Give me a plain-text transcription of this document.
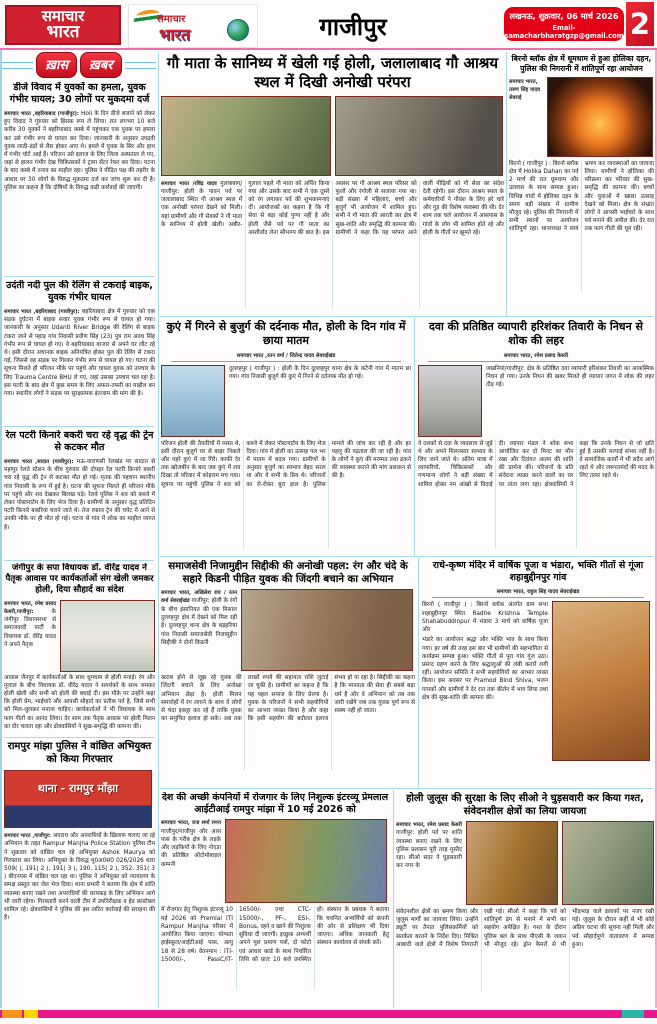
समाचार
भारत
समाचार
भारत	गाजीपुर	लखनऊ, शुक्रवार, 06 मार्च 2026
Email-samacharbharatgzp@gmail.com 2
ख़ास	ख़बर
डीजे विवाद में युवकों का हमला, युवक गंभीर घायल; 30 लोगों पर मुकदमा दर्ज

समाचार भारत ,बहरियाबाद (गाजीपुर): Holi के दिन डीजे बजाने को लेकर हुए विवाद ने गुरुवार को हिंसक रूप ले लिया। रात लगभग 10 बजे करीब 30 युवकों ने बहरियाबाद कस्बे में पहुंचकर एक युवक पर हमला कर उसे गंभीर रूप से घायल कर दिया। जानकारी के अनुसार उपद्रवी युवक लाठी-डंडों से लैस होकर आए थे। हमले में युवक के सिर और हाथ में गंभीर चोटें आई हैं। परिजन उसे इलाज के लिए जिला अस्पताल ले गए, जहां से हालत गंभीर देख चिकित्सकों ने ट्रामा सेंटर रेफर कर दिया। घटना के बाद कस्बे में तनाव का माहौल रहा। पुलिस ने पीड़ित पक्ष की तहरीर के आधार पर 30 लोगों के विरुद्ध मुकदमा दर्ज कर जांच शुरू कर दी है। पुलिस का कहना है कि दोषियों के विरुद्ध कड़ी कार्रवाई की जाएगी।

उदंती नदी पुल की रेलिंग से टकराई बाइक, युवक गंभीर घायल

समाचार भारत ,बहरियाबाद (गाजीपुर): बहरियाबाद क्षेत्र में गुरुवार को एक सड़क दुर्घटना में बाइक सवार युवक गंभीर रूप से घायल हो गया। जानकारी के अनुसार Udanti River Bridge की रेलिंग से बाइक टकरा जाने से पहाड़ गांव निवासी प्रवीण सिंह (23) पुत्र राम अवध सिंह गंभीर रूप से घायल हो गए। वे बहरियाबाद बाजार से अपने घर लौट रहे थे। इसी दौरान अचानक बाइक अनियंत्रित होकर पुल की रेलिंग से टकरा गई, जिससे वह सड़क पर गिरकर गंभीर रूप से घायल हो गए। घटना की सूचना मिलते ही परिजन मौके पर पहुंचे और घायल युवक को उपचार के लिए Trauma Centre BHU ले गए, जहां उसका उपचार चल रहा है। इस पटरी के बाद क्षेत्र में कुछ समय के लिए अफरा-तफरी का माहौल बन गया। स्थानीय लोगों ने सड़क पर सुरक्षात्मक इंतजाम की मांग की है।

रेल पटरी किनारे बकरी चरा रहे वृद्ध की ट्रेन से कटकर मौत

समाचार भारत ,सादात (गाजीपुर): मऊ-वाराणसी रेलखंड पर सादात से महापुर रेलवे स्टेशन के बीच गुरुवार की दोपहर रेल पटरी किनारे बकरी चरा रहे वृद्ध की ट्रेन से कटकर मौत हो गई। मृतक की पहचान स्थानीय गांव निवासी के रूप में हुई है। घटना की सूचना मिलते ही परिजन मौके पर पहुंचे और शव देखकर बिलख पड़े। रेलवे पुलिस ने शव को कब्जे में लेकर पोस्टमार्टम के लिए भेज दिया है। ग्रामीणों के अनुसार वृद्ध प्रतिदिन पटरी किनारे बकरियां चराने जाते थे। तेज रफ्तार ट्रेन की चपेट में आने से उनकी मौके पर ही मौत हो गई। घटना से गांव में शोक का माहौल व्याप्त है।

जंगीपुर के सपा विधायक डॉ. वीरेंद्र यादव ने पैतृक आवास पर कार्यकर्ताओं संग खेली जमकर होली, दिया सौहार्द का संदेश

समाचार भारत, रमेश प्रसाद केसरी,गाजीपुर:	के जंगीपुर विधानसभा से समाजवादी पार्टी के विधायक डॉ. वीरेंद्र यादव ने अपने पैतृक

आवास जैनपुर में कार्यकर्ताओं के साथ धूमधाम से होली मनाई। रंग और गुलाल के बीच विधायक डॉ. वीरेंद्र यादव ने समर्थकों के साथ जमकर होली खेली और सभी को होली की बधाई दी। इस मौके पर उन्होंने कहा कि होली प्रेम, भाईचारे और आपसी सौहार्द का प्रतीक पर्व है, जिसे सभी को मिल-जुलकर मनाना चाहिए। कार्यकर्ताओं ने भी विधायक के साथ फाग गीतों का आनंद लिया। देर शाम तक पैतृक आवास पर होली मिलन का दौर चलता रहा और क्षेत्रवासियों ने सुख-समृद्धि की कामना की।

रामपुर मांझा पुलिस ने वांछित अभियुक्त को किया गिरफ्तार
थाना - रामपुर माँझा

समाचार भारत ,गाजीपुर: अपराध और अपराधियों के खिलाफ चलाए जा रहे अभियान के तहत Rampur Manjha Police Station पुलिस टीम ने शुक्रवार को वांछित चल रहे अभियुक्त Ashok Maurya को गिरफ्तार कर लिया। अभियुक्त के विरुद्ध मु0अ0सं0 026/2026 धारा 509( ), 191( 2 ), 191( 3 ), 190, 115( 2 ), 352, 351( 3 ) बीएनएस में वांछित चल रहा था। पुलिस ने अभियुक्त को न्यायालय के समक्ष प्रस्तुत कर जेल भेज दिया। थाना प्रभारी ने बताया कि क्षेत्र में शांति व्यवस्था बनाए रखने तथा अपराधियों की धरपकड़ के लिए अभियान आगे भी जारी रहेगा। गिरफ्तारी करने वाली टीम में उपनिरीक्षक व हेड कांस्टेबल शामिल रहे। क्षेत्रवासियों ने पुलिस की इस त्वरित कार्रवाई की सराहना की है।

गौ माता के सानिध्य में खेली गई होली, जलालाबाद गौ आश्रय स्थल में दिखी अनोखी परंपरा
समाचार भारत /रविंद्र यादव गुलाबबाग/गाजीपुर: होली के पावन पर्व पर जलालाबाद स्थित गौ आश्रय स्थल में एक अनोखी परंपरा देखने को मिली। यहां ग्रामीणों और गौ सेवकों ने गौ माता के सानिध्य में होली खेली। अबीर-गुलाल पहले गौ माता को अर्पित किया गया और उसके बाद सभी ने एक दूसरे को रंग लगाकर पर्व की शुभकामनाएं दीं। आयोजकों का कहना है कि गौ सेवा से बड़ा कोई पुण्य नहीं है और होली जैसे पर्व पर गौ माता का आशीर्वाद लेना सौभाग्य की बात है। इस अवसर पर गौ आश्रय स्थल परिसर को फूलों और रंगोली से सजाया गया था। बड़ी संख्या में महिलाएं, बच्चे और बुजुर्ग भी आयोजन में शामिल हुए। सभी ने गौ माता की आरती कर क्षेत्र में सुख-शांति और समृद्धि की कामना की। ग्रामीणों ने कहा कि यह परंपरा आने वाली पीढ़ियों को गौ सेवा का संदेश देती रहेगी। इस दौरान आश्रय स्थल के कर्मचारियों ने गौवंश के लिए हरे चारे और गुड़ की विशेष व्यवस्था की थी। देर शाम तक चले आयोजन में आसपास के गांवों के लोग भी शामिल होते रहे और होली के गीतों पर झूमते रहे।
बिरनो ब्लॉक क्षेत्र में धूमधाम से हुआ होलिका दहन, पुलिस की निगरानी में शांतिपूर्ण रहा आयोजन
समाचार भारत, तरुण सिंह यादव सेवराई
बिरनो ( गाजीपुर ) : बिरनो ब्लॉक क्षेत्र में Holika Dahan का पर्व 2 मार्च की रात धूमधाम और उल्लास के साथ सम्पन्न हुआ। विभिन्न गांवों में होलिका दहन के समय बड़ी संख्या में ग्रामीण मौजूद रहे। पुलिस की निगरानी में सभी स्थानों पर आयोजन शांतिपूर्ण रहा। थानाध्यक्ष ने स्वयं भ्रमण कर व्यवस्थाओं का जायजा लिया। ग्रामीणों ने होलिका की परिक्रमा कर परिवार की सुख-समृद्धि की कामना की। बच्चों और युवाओं में खासा उत्साह देखने को मिला। क्षेत्र के संभ्रांत लोगों ने आपसी भाईचारे के साथ पर्व मनाने की अपील की। देर रात तक फाग गीतों की धूम रही।
कुएं में गिरने से बुजुर्ग की दर्दनाक मौत, होली के दिन गांव में छाया मातम
समाचार भारत ,रतन वर्मा / जितेन्द्र यादव सेवराईखंड

दुल्लहपुर ( गाजीपुर ) : होली के दिन दुल्लहपुर थाना क्षेत्र के कटैनी गांव में मातम छा गया। गांव निवासी बुजुर्ग की कुएं में गिरने से दर्दनाक मौत हो गई।

परिजन होली की तैयारियों में व्यस्त थे, इसी दौरान बुजुर्ग घर से बाहर निकले और गहरे कुएं में जा गिरे। काफी देर तक खोजबीन के बाद जब कुएं में शव दिखा तो परिवार में कोहराम मच गया। सूचना पर पहुंची पुलिस ने शव को कब्जे में लेकर पोस्टमार्टम के लिए भेज दिया। गांव में होली का उत्साह पल भर में मातम में बदल गया। ग्रामीणों के अनुसार बुजुर्ग का स्वभाव बेहद सरल था और वे सभी के प्रिय थे। परिजनों का रो-रोकर बुरा हाल है। पुलिस मामले की जांच कर रही है और हर पहलू की पड़ताल की जा रही है। गांव के लोगों ने कुएं की मरम्मत तथा ढकने की व्यवस्था कराने की मांग प्रशासन से की है।
दवा की प्रतिष्ठित व्यापारी हरिशंकर तिवारी के निधन से शोक की लहर
समाचार भारत, रमेश प्रसाद केसरी

जखनियां/गाजीपुर: क्षेत्र के प्रतिष्ठित दवा व्यापारी हरिशंकर तिवारी का आकस्मिक निधन हो गया। उनके निधन की खबर मिलते ही व्यापार जगत में शोक की लहर दौड़ गई।

वे दशकों से दवा के व्यवसाय से जुड़े थे और अपने मिलनसार स्वभाव के लिए जाने जाते थे। अंतिम यात्रा में व्यापारियों, चिकित्सकों और गणमान्य लोगों ने बड़ी संख्या में शामिल होकर नम आंखों से विदाई दी। व्यापार मंडल ने शोक सभा आयोजित कर दो मिनट का मौन रखा और दिवंगत आत्मा की शांति की प्रार्थना की। परिजनों के प्रति संवेदना व्यक्त करने वालों का घर पर तांता लगा रहा। क्षेत्रवासियों ने कहा कि उनके निधन से जो क्षति हुई है उसकी भरपाई संभव नहीं है। वे सामाजिक कार्यों में भी सदैव आगे रहते थे और जरूरतमंदों की मदद के लिए तत्पर रहते थे।
समाजसेवी निजामुद्दीन सिद्दीकी की अनोखी पहल: रंग और चंदे के सहारे किडनी पीड़ित युवक की जिंदगी बचाने का अभियान

समाचार भारत, अखिलेश राय / रतन वर्मा सेवराईखंड गाजीपुर: होली के रंगों के बीच इंसानियत की एक मिसाल दुल्लहपुर क्षेत्र में देखने को मिल रही है। दुल्लहपुर थाना क्षेत्र के बड़हरिया गांव निवासी समाजसेवी निजामुद्दीन सिद्दीकी ने दोनों किडनी

खराब होने से जूझ रहे युवक की जिंदगी बचाने के लिए अनोखा अभियान छेड़ा है। होली मिलन समारोहों में रंग लगाने के साथ वे लोगों से चंदा इकट्ठा कर रहे हैं ताकि युवक का समुचित इलाज हो सके। अब तक लाखों रुपये की सहायता राशि जुटाई जा चुकी है। ग्रामीणों का कहना है कि यह पहल समाज के लिए प्रेरणा है। युवक के परिजनों ने सभी सहयोगियों का आभार व्यक्त किया है और कहा कि इसी सहयोग की बदौलत इलाज संभव हो पा रहा है। सिद्दीकी का कहना है कि मानवता की सेवा ही सबसे बड़ा धर्म है और वे अभियान को तब तक जारी रखेंगे जब तक युवक पूर्ण रूप से स्वस्थ नहीं हो जाता।
राधे-कृष्ण मंदिर में वार्षिक पूजा व भंडारा, भक्ति गीतों से गूंजा शहाबुद्दीनपुर गांव
समाचार भारत, राहुल सिंह यादव सेवराईखंड

बिरनो ( गाजीपुर ) : बिरनो ब्लॉक अंतर्गत ग्राम सभा शहाबुद्दीनपुर स्थित Radhe Krishna Temple Shahabuddinpur में भंडारा 3 मार्च को वार्षिक पूजा और

भंडारे का आयोजन श्रद्धा और भक्ति भाव के साथ किया गया। हर वर्ष की तरह इस बार भी ग्रामीणों की सहभागिता से कार्यक्रम सम्पन्न हुआ। भक्ति गीतों से पूरा गांव गूंज उठा। प्रसाद ग्रहण करने के लिए श्रद्धालुओं की लंबी कतारें लगी रहीं। आयोजन समिति ने सभी सहयोगियों का आभार व्यक्त किया। इस अवसर पर Pramod Bind Shiva, भजन गायकों और ग्रामीणों ने देर रात तक कीर्तन में भाग लिया तथा क्षेत्र की सुख-शांति की कामना की।

देश की अच्छी कंपनियों में रोजगार के लिए निशुल्क इंटरव्यू प्रेमलाल आईटीआई रामपुर मांझा में 10 मई 2026 को

समाचार भारत, राज शर्मा रमना गाजीपुर/गाजीपुर और आस पास के गरीब क्षेत्र के लड़के और लड़कियों के लिए नोएडा की प्रतिष्ठित ऑटोमोबाइल कम्पनी

में रोजगार हेतु निशुल्क इंटरव्यू 10 मई 2026 को Premlal ITI Rampur Manjha परिसर में आयोजित किया जाएगा। योग्यता हाईस्कूल/आईटीआई पास, आयु 18 से 28 वर्ष। वेतनमान : ITI-15000/-, PassC/IT-16500/- तथा CTC-15000/-, PF-, ESI-, Bonus, रहने व खाने की निशुल्क सुविधा दी जाएगी। इच्छुक अभ्यर्थी अपने मूल प्रमाण पत्रों, दो फोटो एवं आधार कार्ड के साथ निर्धारित तिथि को प्रातः 10 बजे उपस्थित हों। संस्थान के प्रबंधक ने बताया कि चयनित अभ्यर्थियों को कंपनी की ओर से प्रशिक्षण भी दिया जाएगा। अधिक जानकारी हेतु संस्थान कार्यालय से संपर्क करें।
होली जुलूस की सुरक्षा के लिए सीओ ने घुड़सवारी कर किया गश्त, संवेदनशील क्षेत्रों का लिया जायजा

समाचार भारत, रमेश प्रसाद केसरी गाजीपुर: होली पर्व पर शांति व्यवस्था बनाए रखने के लिए पुलिस प्रशासन पूरी तरह मुस्तैद रहा। सीओ सदर ने घुड़सवारी कर नगर के

संवेदनशील क्षेत्रों का भ्रमण किया और जुलूस मार्गों का जायजा लिया। उन्होंने ड्यूटी पर तैनात पुलिसकर्मियों को सतर्कता बरतने के निर्देश दिए। मिश्रित आबादी वाले क्षेत्रों में विशेष निगरानी रखी गई। सीओ ने कहा कि पर्व को शांतिपूर्ण ढंग से मनाने में सभी का सहयोग अपेक्षित है। गश्त के दौरान पुलिस बल के साथ पीएसी के जवान भी मौजूद रहे। ड्रोन कैमरों से भी भीड़भाड़ वाले इलाकों पर नजर रखी गई। जुलूस के दौरान कहीं से भी कोई अप्रिय घटना की सूचना नहीं मिली और पर्व सौहार्दपूर्ण वातावरण में सम्पन्न हुआ।
